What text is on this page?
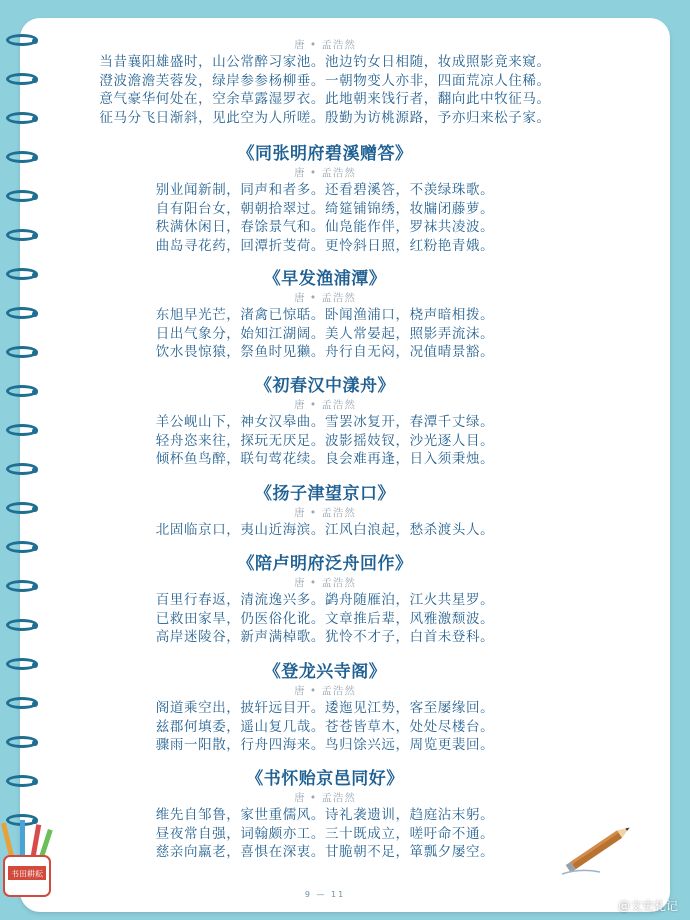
唐 • 孟浩然
当昔襄阳雄盛时，山公常醉习家池。池边钓女日相随，妆成照影竟来窥。
澄波澹澹芙蓉发，绿岸参参杨柳垂。一朝物变人亦非，四面荒凉人住稀。
意气豪华何处在，空余草露湿罗衣。此地朝来饯行者，翻向此中牧征马。
征马分飞日渐斜，见此空为人所嗟。殷勤为访桃源路，予亦归来松子家。
《同张明府碧溪赠答》
唐 • 孟浩然
别业闻新制，同声和者多。还看碧溪答，不羡绿珠歌。
自有阳台女，朝朝拾翠过。绮筵铺锦绣，妆牖闭藤萝。
秩满休闲日，春馀景气和。仙凫能作伴，罗袜共凌波。
曲岛寻花药，回潭折芰荷。更怜斜日照，红粉艳青娥。
《早发渔浦潭》
唐 • 孟浩然
东旭早光芒，渚禽已惊聒。卧闻渔浦口，桡声暗相拨。
日出气象分，始知江湖阔。美人常晏起，照影弄流沫。
饮水畏惊猿，祭鱼时见獭。舟行自无闷，况值晴景豁。
《初春汉中漾舟》
唐 • 孟浩然
羊公岘山下，神女汉皋曲。雪罢冰复开，春潭千丈绿。
轻舟恣来往，探玩无厌足。波影摇妓钗，沙光逐人目。
倾杯鱼鸟醉，联句莺花续。良会难再逢，日入须秉烛。
《扬子津望京口》
唐 • 孟浩然
北固临京口，夷山近海滨。江风白浪起，愁杀渡头人。
《陪卢明府泛舟回作》
唐 • 孟浩然
百里行春返，清流逸兴多。鹢舟随雁泊，江火共星罗。
已救田家旱，仍医俗化讹。文章推后辈，风雅激颓波。
高岸迷陵谷，新声满棹歌。犹怜不才子，白首未登科。
《登龙兴寺阁》
唐 • 孟浩然
阁道乘空出，披轩远目开。逶迤见江势，客至屡缘回。
兹郡何填委，遥山复几哉。苍苍皆草木，处处尽楼台。
骤雨一阳散，行舟四海来。鸟归馀兴远，周览更裴回。
《书怀贻京邑同好》
唐 • 孟浩然
维先自邹鲁，家世重儒风。诗礼袭遗训，趋庭沾末躬。
昼夜常自强，词翰颇亦工。三十既成立，嗟吁命不通。
慈亲向羸老，喜惧在深衷。甘脆朝不足，箪瓢夕屡空。
书田耕耘
9 — 11
@文史札记
